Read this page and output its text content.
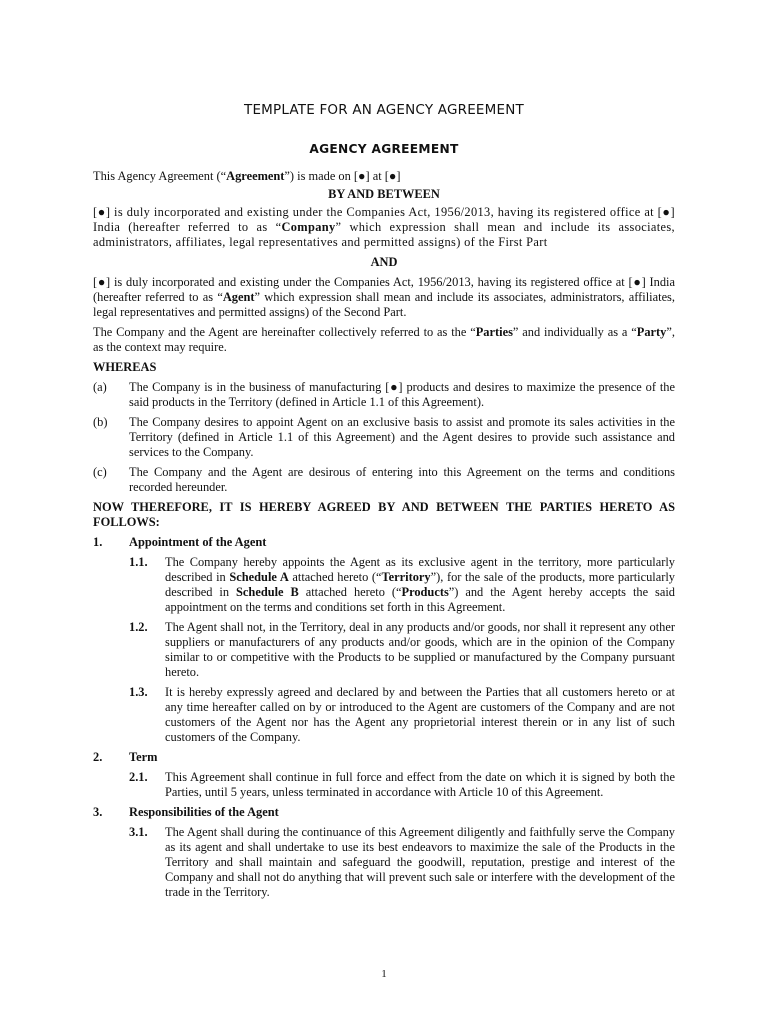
TEMPLATE FOR AN AGENCY AGREEMENT
AGENCY AGREEMENT

This Agency Agreement (“Agreement”) is made on [●] at [●]

BY AND BETWEEN

[●] is duly incorporated and existing under the Companies Act, 1956/2013, having its registered office at [●] India (hereafter referred to as “Company” which expression shall mean and include its associates, administrators, affiliates, legal representatives and permitted assigns) of the First Part

AND

[●] is duly incorporated and existing under the Companies Act, 1956/2013, having its registered office at [●] India (hereafter referred to as “Agent” which expression shall mean and include its associates, administrators, affiliates, legal representatives and permitted assigns) of the Second Part.

The Company and the Agent are hereinafter collectively referred to as the “Parties” and individually as a “Party”, as the context may require.

WHEREAS

(a)	The Company is in the business of manufacturing [●] products and desires to maximize the presence of the said products in the Territory (defined in Article 1.1 of this Agreement).
(b)	The Company desires to appoint Agent on an exclusive basis to assist and promote its sales activities in the Territory (defined in Article 1.1 of this Agreement) and the Agent desires to provide such assistance and services to the Company.
(c)	The Company and the Agent are desirous of entering into this Agreement on the terms and conditions recorded hereunder.

NOW THEREFORE, IT IS HEREBY AGREED BY AND BETWEEN THE PARTIES HERETO AS FOLLOWS:

1.	Appointment of the Agent
1.1.	The Company hereby appoints the Agent as its exclusive agent in the territory, more particularly described in Schedule A attached hereto (“Territory”), for the sale of the products, more particularly described in Schedule B attached hereto (“Products”) and the Agent hereby accepts the said appointment on the terms and conditions set forth in this Agreement.
1.2.	The Agent shall not, in the Territory, deal in any products and/or goods, nor shall it represent any other suppliers or manufacturers of any products and/or goods, which are in the opinion of the Company similar to or competitive with the Products to be supplied or manufactured by the Company pursuant hereto.
1.3.	It is hereby expressly agreed and declared by and between the Parties that all customers hereto or at any time hereafter called on by or introduced to the Agent are customers of the Company and are not customers of the Agent nor has the Agent any proprietorial interest therein or in any list of such customers of the Company.
2.	Term
2.1.	This Agreement shall continue in full force and effect from the date on which it is signed by both the Parties, until 5 years, unless terminated in accordance with Article 10 of this Agreement.
3.	Responsibilities of the Agent
3.1.	The Agent shall during the continuance of this Agreement diligently and faithfully serve the Company as its agent and shall undertake to use its best endeavors to maximize the sale of the Products in the Territory and shall maintain and safeguard the goodwill, reputation, prestige and interest of the Company and shall not do anything that will prevent such sale or interfere with the development of the trade in the Territory.
1
